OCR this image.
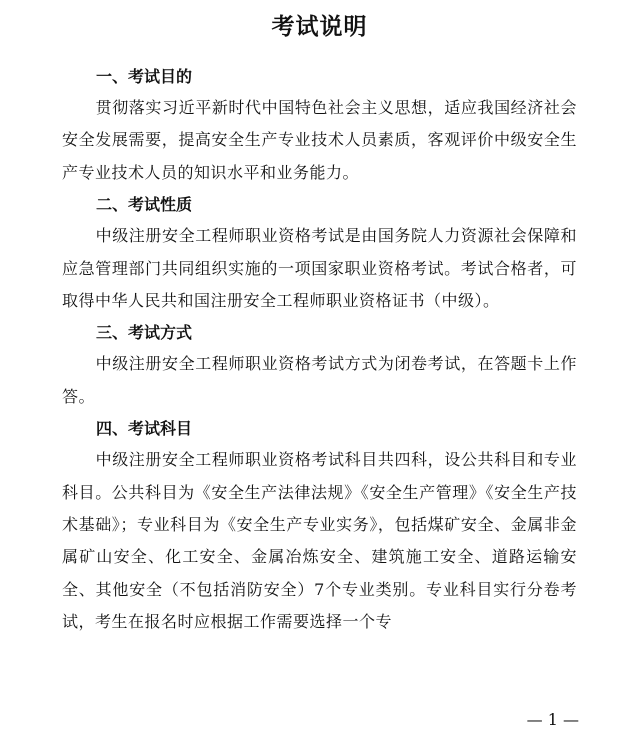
考试说明
一、考试目的

贯彻落实习近平新时代中国特色社会主义思想，适应我国经济社会安全发展需要，提高安全生产专业技术人员素质，客观评价中级安全生产专业技术人员的知识水平和业务能力。

二、考试性质

中级注册安全工程师职业资格考试是由国务院人力资源社会保障和应急管理部门共同组织实施的一项国家职业资格考试。考试合格者，可取得中华人民共和国注册安全工程师职业资格证书（中级）。

三、考试方式

中级注册安全工程师职业资格考试方式为闭卷考试，在答题卡上作答。

四、考试科目

中级注册安全工程师职业资格考试科目共四科，设公共科目和专业科目。公共科目为《安全生产法律法规》《安全生产管理》《安全生产技术基础》；专业科目为《安全生产专业实务》，包括煤矿安全、金属非金属矿山安全、化工安全、金属冶炼安全、建筑施工安全、道路运输安全、其他安全（不包括消防安全）7个专业类别。专业科目实行分卷考试，考生在报名时应根据工作需要选择一个专

— 1 —
